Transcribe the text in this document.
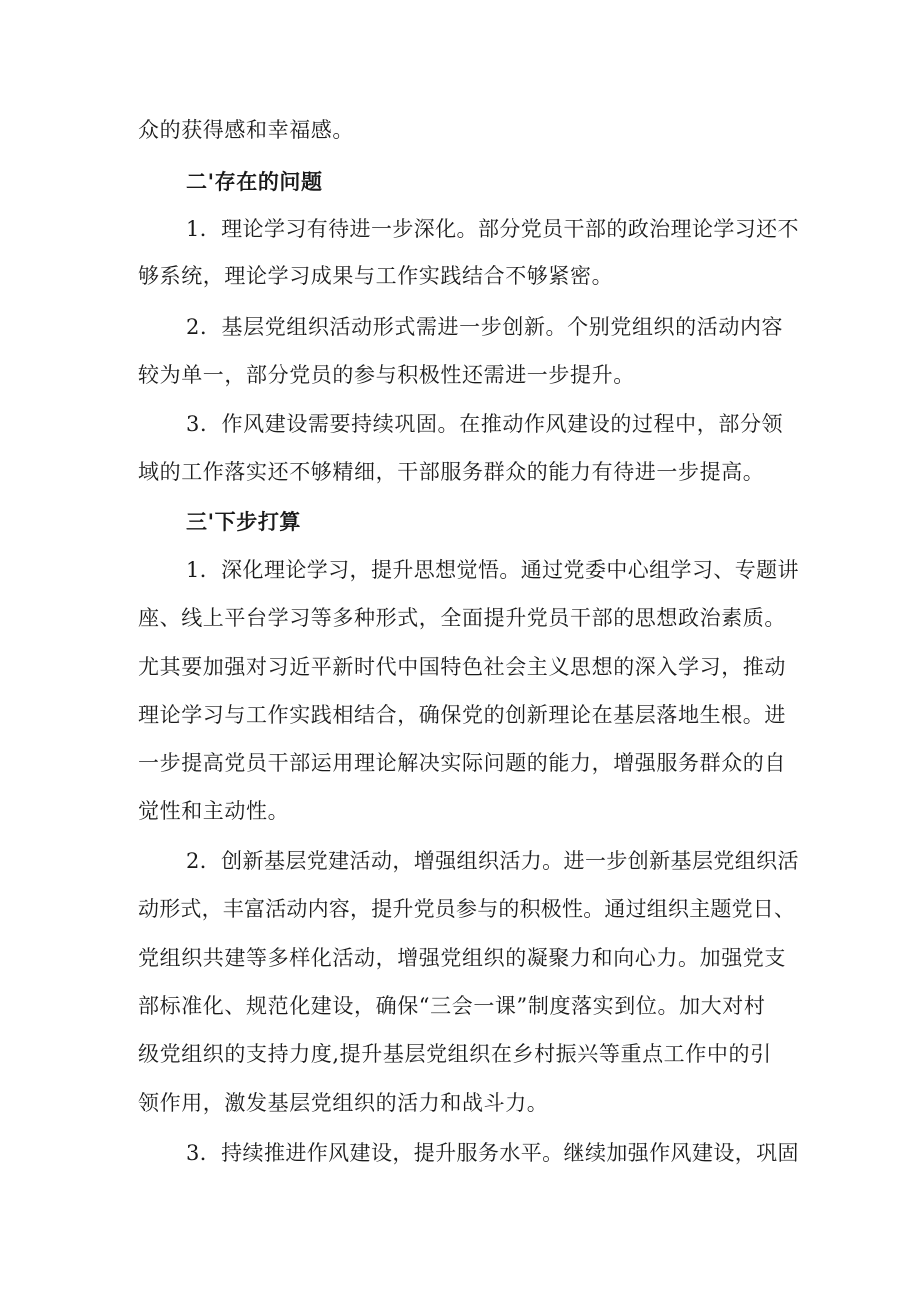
众的获得感和幸福感。
二'存在的问题
1．理论学习有待进一步深化。部分党员干部的政治理论学习还不
够系统，理论学习成果与工作实践结合不够紧密。
2．基层党组织活动形式需进一步创新。个别党组织的活动内容
较为单一，部分党员的参与积极性还需进一步提升。
3．作风建设需要持续巩固。在推动作风建设的过程中，部分领
域的工作落实还不够精细，干部服务群众的能力有待进一步提高。
三'下步打算
1．深化理论学习，提升思想觉悟。通过党委中心组学习、专题讲
座、线上平台学习等多种形式，全面提升党员干部的思想政治素质。
尤其要加强对习近平新时代中国特色社会主义思想的深入学习，推动
理论学习与工作实践相结合，确保党的创新理论在基层落地生根。进
一步提高党员干部运用理论解决实际问题的能力，增强服务群众的自
觉性和主动性。
2．创新基层党建活动，增强组织活力。进一步创新基层党组织活
动形式，丰富活动内容，提升党员参与的积极性。通过组织主题党日、
党组织共建等多样化活动，增强党组织的凝聚力和向心力。加强党支
部标准化、规范化建设，确保“三会一课”制度落实到位。加大对村
级党组织的支持力度,提升基层党组织在乡村振兴等重点工作中的引
领作用，激发基层党组织的活力和战斗力。
3．持续推进作风建设，提升服务水平。继续加强作风建设，巩固
